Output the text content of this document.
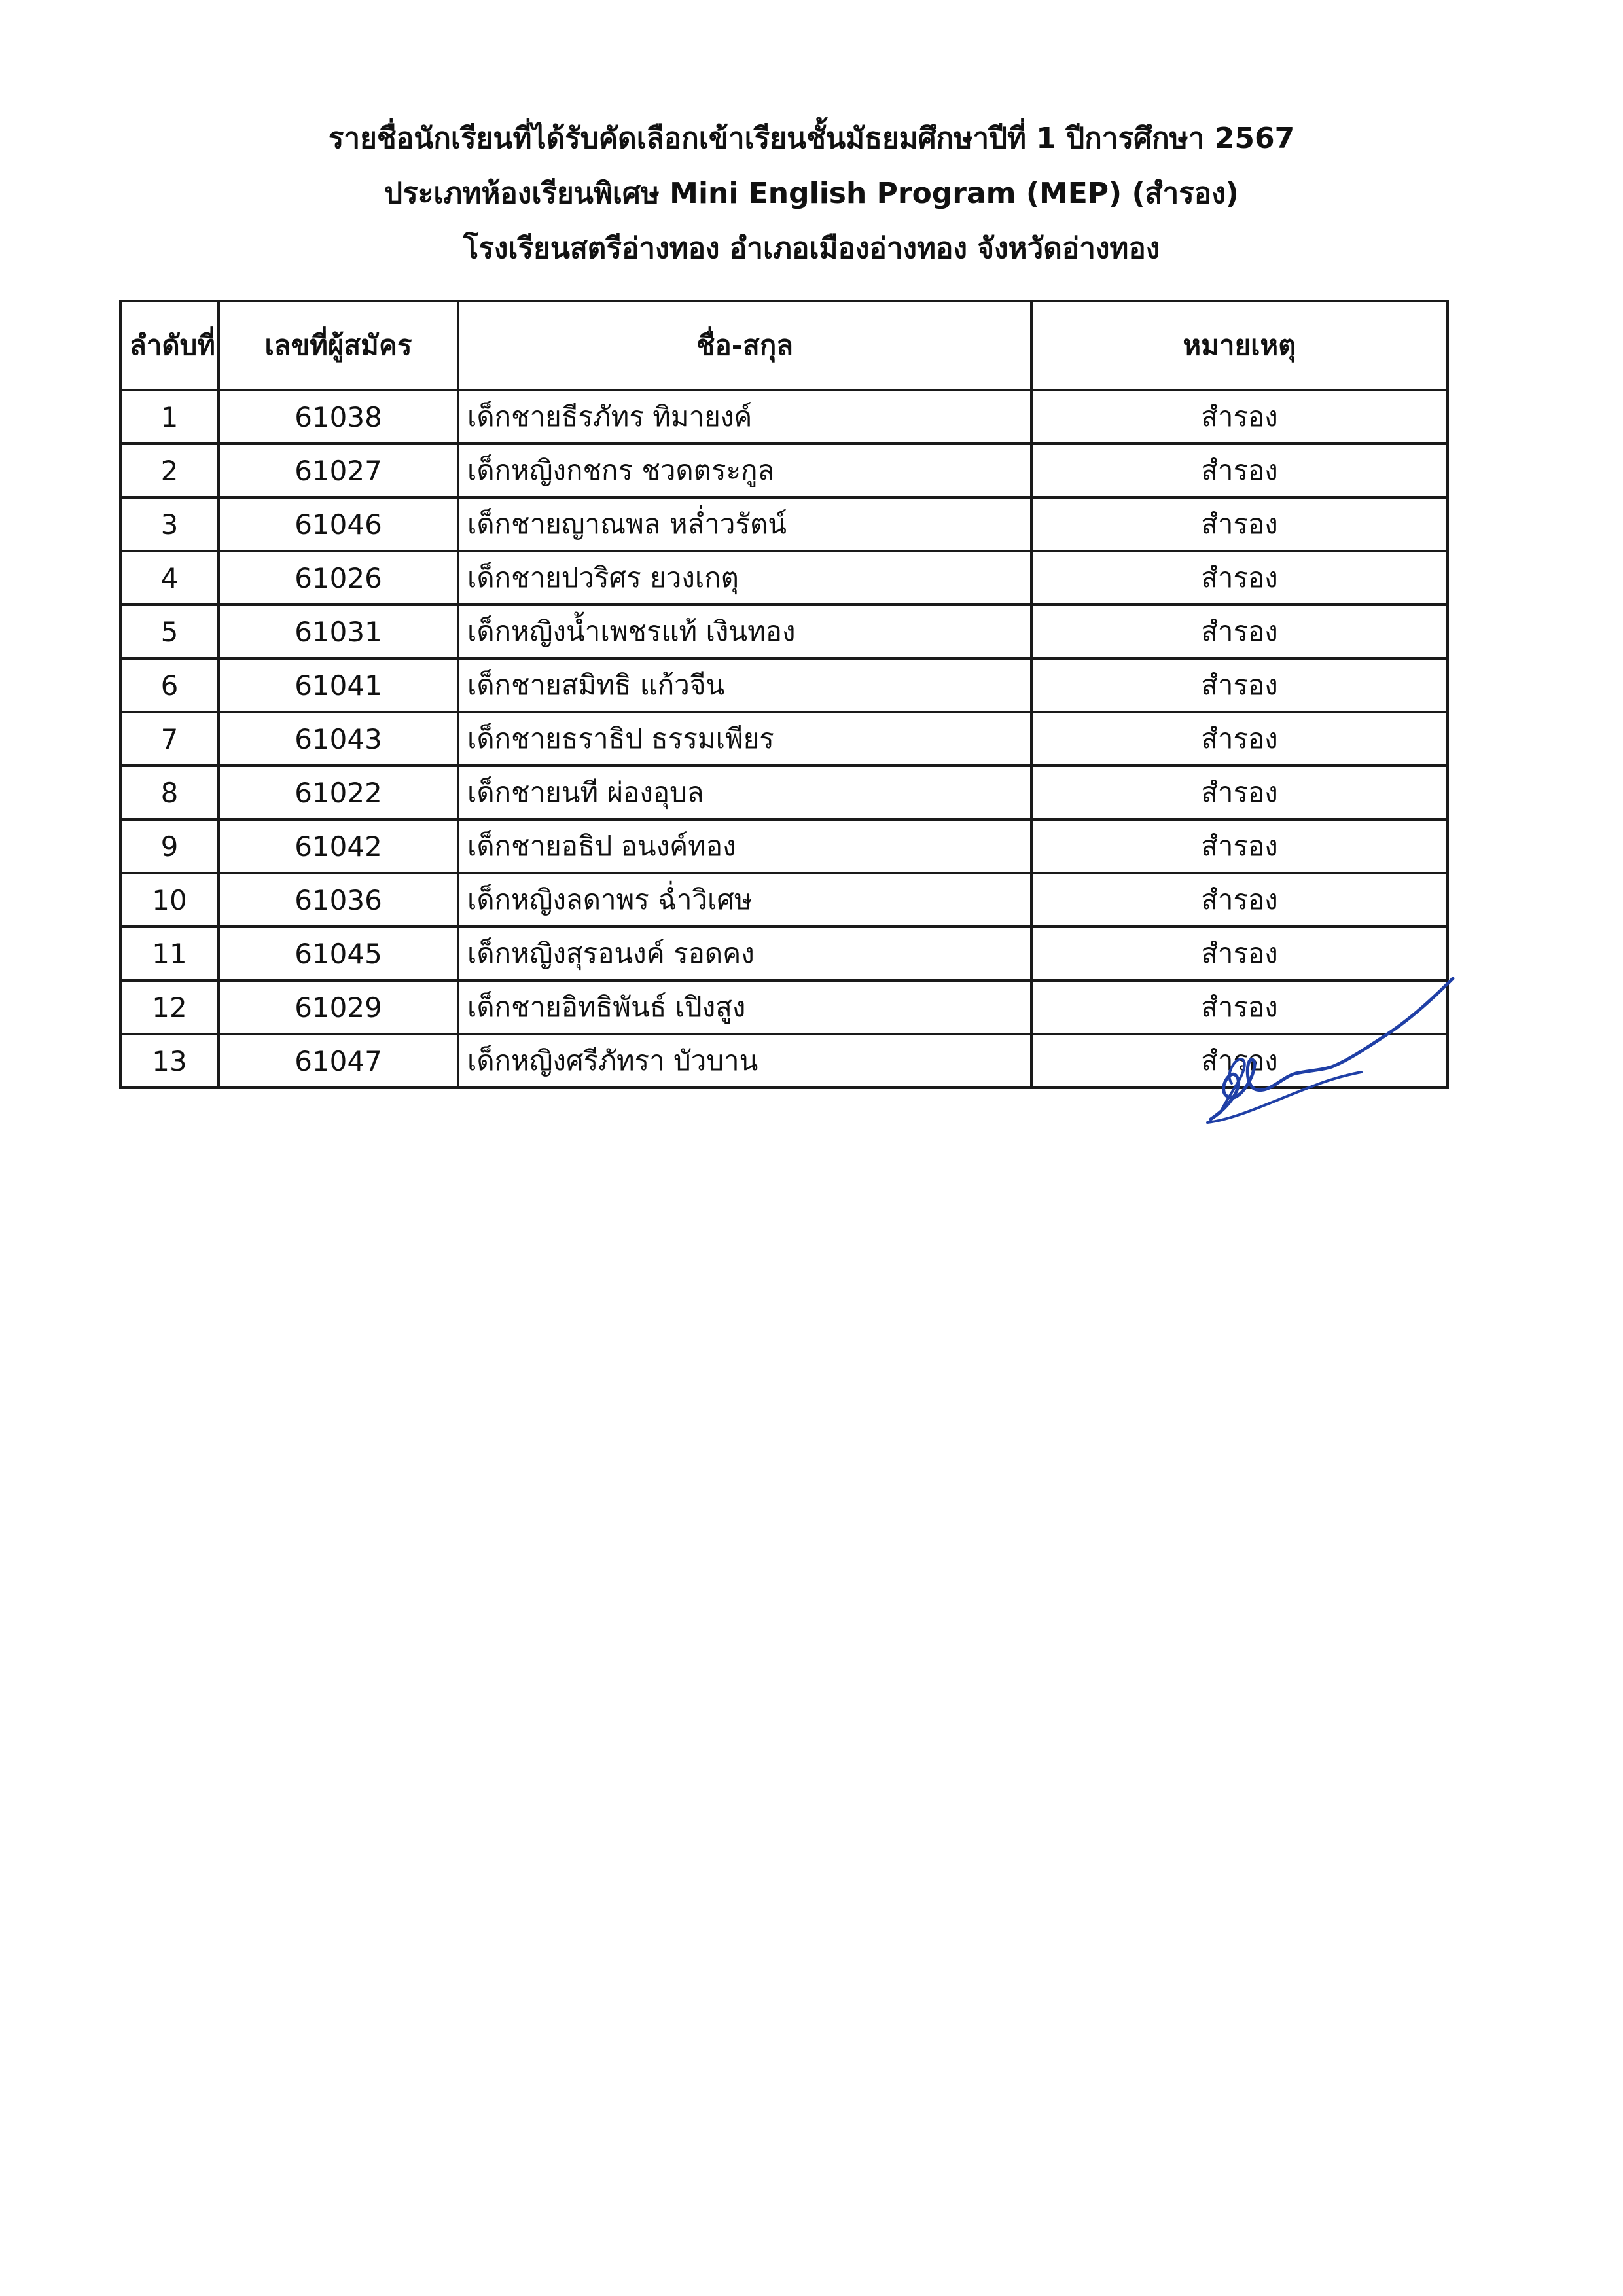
รายชื่อนักเรียนที่ได้รับคัดเลือกเข้าเรียนชั้นมัธยมศึกษาปีที่ 1 ปีการศึกษา 2567
ประเภทห้องเรียนพิเศษ Mini English Program (MEP) (สำรอง)
โรงเรียนสตรีอ่างทอง อำเภอเมืองอ่างทอง จังหวัดอ่างทอง
ลำดับที่	เลขที่ผู้สมัคร	ชื่อ-สกุล	หมายเหตุ
1	61038	เด็กชายธีรภัทร ทิมายงค์	สำรอง
2	61027	เด็กหญิงกชกร ชวดตระกูล	สำรอง
3	61046	เด็กชายญาณพล หล่ำวรัตน์	สำรอง
4	61026	เด็กชายปวริศร ยวงเกตุ	สำรอง
5	61031	เด็กหญิงน้ำเพชรแท้ เงินทอง	สำรอง
6	61041	เด็กชายสมิทธิ แก้วจีน	สำรอง
7	61043	เด็กชายธราธิป ธรรมเพียร	สำรอง
8	61022	เด็กชายนที ผ่องอุบล	สำรอง
9	61042	เด็กชายอธิป อนงค์ทอง	สำรอง
10	61036	เด็กหญิงลดาพร ฉ่ำวิเศษ	สำรอง
11	61045	เด็กหญิงสุรอนงค์ รอดคง	สำรอง
12	61029	เด็กชายอิทธิพันธ์ เปิงสูง	สำรอง
13	61047	เด็กหญิงศรีภัทรา บัวบาน	สำรอง
